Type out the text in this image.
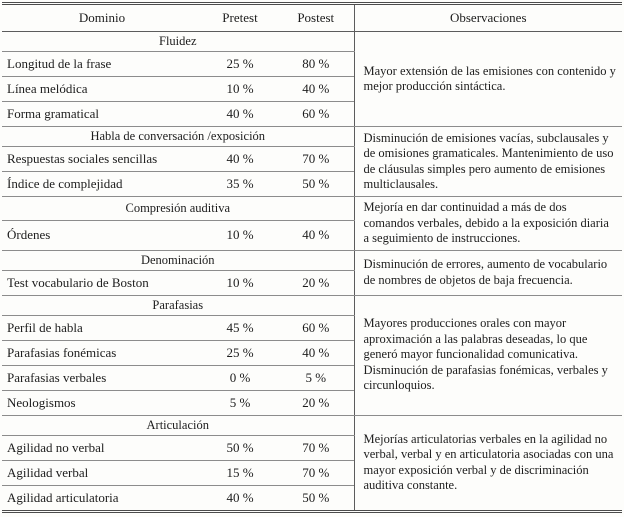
Dominio	Pretest	Postest	Observaciones
Fluidez			Mayor extensión de las emisiones con contenido y mejor producción sintáctica.
Longitud de la frase	25 %	80 %	
Línea melódica	10 %	40 %	
Forma gramatical	40 %	60 %	
Habla de conversación /exposición			Disminución de emisiones vacías, subclausales y de omisiones gramaticales. Mantenimiento de uso de cláusulas simples pero aumento de emisiones multiclausales.
Respuestas sociales sencillas	40 %	70 %	
Índice de complejidad	35 %	50 %	
Compresión auditiva			Mejoría en dar continuidad a más de dos comandos verbales, debido a la exposición diaria a seguimiento de instrucciones.
Órdenes	10 %	40 %	
Denominación			Disminución de errores, aumento de vocabulario de nombres de objetos de baja frecuencia.
Test vocabulario de Boston	10 %	20 %	
Parafasias			Mayores producciones orales con mayor aproximación a las palabras deseadas, lo que generó mayor funcionalidad comunicativa. Disminución de parafasias fonémicas, verbales y circunloquios.
Perfil de habla	45 %	60 %	
Parafasias fonémicas	25 %	40 %	
Parafasias verbales	0 %	5 %	
Neologismos	5 %	20 %	
Articulación			Mejorías articulatorias verbales en la agilidad no verbal, verbal y en articulatoria asociadas con una mayor exposición verbal y de discriminación auditiva constante.
Agilidad no verbal	50 %	70 %	
Agilidad verbal	15 %	70 %	
Agilidad articulatoria	40 %	50 %	
